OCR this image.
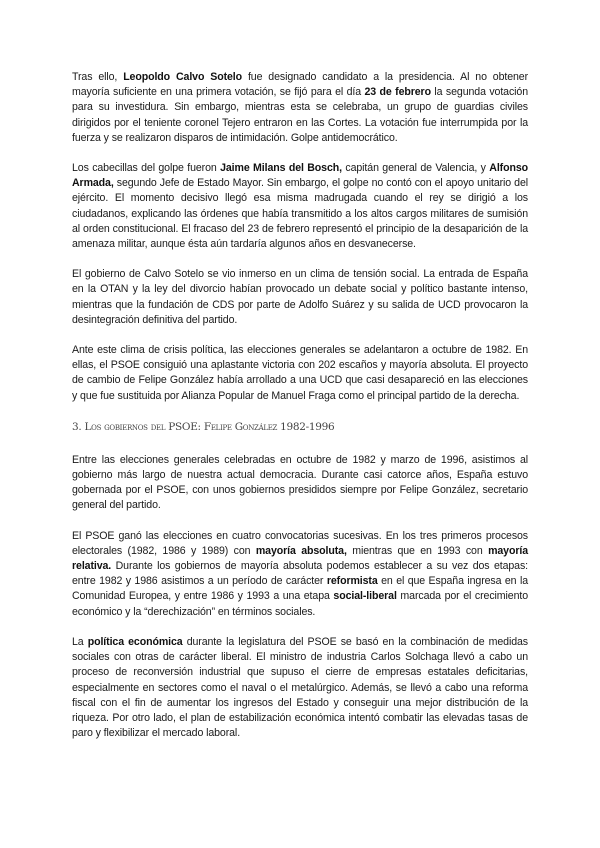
Tras ello, Leopoldo Calvo Sotelo fue designado candidato a la presidencia. Al no obtener mayoría suficiente en una primera votación, se fijó para el día 23 de febrero la segunda votación para su investidura. Sin embargo, mientras esta se celebraba, un grupo de guardias civiles dirigidos por el teniente coronel Tejero entraron en las Cortes. La votación fue interrumpida por la fuerza y se realizaron disparos de intimidación. Golpe antidemocrático.

Los cabecillas del golpe fueron Jaime Milans del Bosch, capitán general de Valencia, y Alfonso Armada, segundo Jefe de Estado Mayor. Sin embargo, el golpe no contó con el apoyo unitario del ejército. El momento decisivo llegó esa misma madrugada cuando el rey se dirigió a los ciudadanos, explicando las órdenes que había transmitido a los altos cargos militares de sumisión al orden constitucional. El fracaso del 23 de febrero representó el principio de la desaparición de la amenaza militar, aunque ésta aún tardaría algunos años en desvanecerse.

El gobierno de Calvo Sotelo se vio inmerso en un clima de tensión social. La entrada de España en la OTAN y la ley del divorcio habían provocado un debate social y político bastante intenso, mientras que la fundación de CDS por parte de Adolfo Suárez y su salida de UCD provocaron la desintegración definitiva del partido.

Ante este clima de crisis política, las elecciones generales se adelantaron a octubre de 1982. En ellas, el PSOE consiguió una aplastante victoria con 202 escaños y mayoría absoluta. El proyecto de cambio de Felipe González había arrollado a una UCD que casi desapareció en las elecciones y que fue sustituida por Alianza Popular de Manuel Fraga como el principal partido de la derecha.

3. Los gobiernos del PSOE: Felipe González 1982-1996

Entre las elecciones generales celebradas en octubre de 1982 y marzo de 1996, asistimos al gobierno más largo de nuestra actual democracia. Durante casi catorce años, España estuvo gobernada por el PSOE, con unos gobiernos presididos siempre por Felipe González, secretario general del partido.

El PSOE ganó las elecciones en cuatro convocatorias sucesivas. En los tres primeros procesos electorales (1982, 1986 y 1989) con mayoría absoluta, mientras que en 1993 con mayoría relativa. Durante los gobiernos de mayoría absoluta podemos establecer a su vez dos etapas: entre 1982 y 1986 asistimos a un período de carácter reformista en el que España ingresa en la Comunidad Europea, y entre 1986 y 1993 a una etapa social-liberal marcada por el crecimiento económico y la “derechización” en términos sociales.

La política económica durante la legislatura del PSOE se basó en la combinación de medidas sociales con otras de carácter liberal. El ministro de industria Carlos Solchaga llevó a cabo un proceso de reconversión industrial que supuso el cierre de empresas estatales deficitarias, especialmente en sectores como el naval o el metalúrgico. Además, se llevó a cabo una reforma fiscal con el fin de aumentar los ingresos del Estado y conseguir una mejor distribución de la riqueza. Por otro lado, el plan de estabilización económica intentó combatir las elevadas tasas de paro y flexibilizar el mercado laboral.
